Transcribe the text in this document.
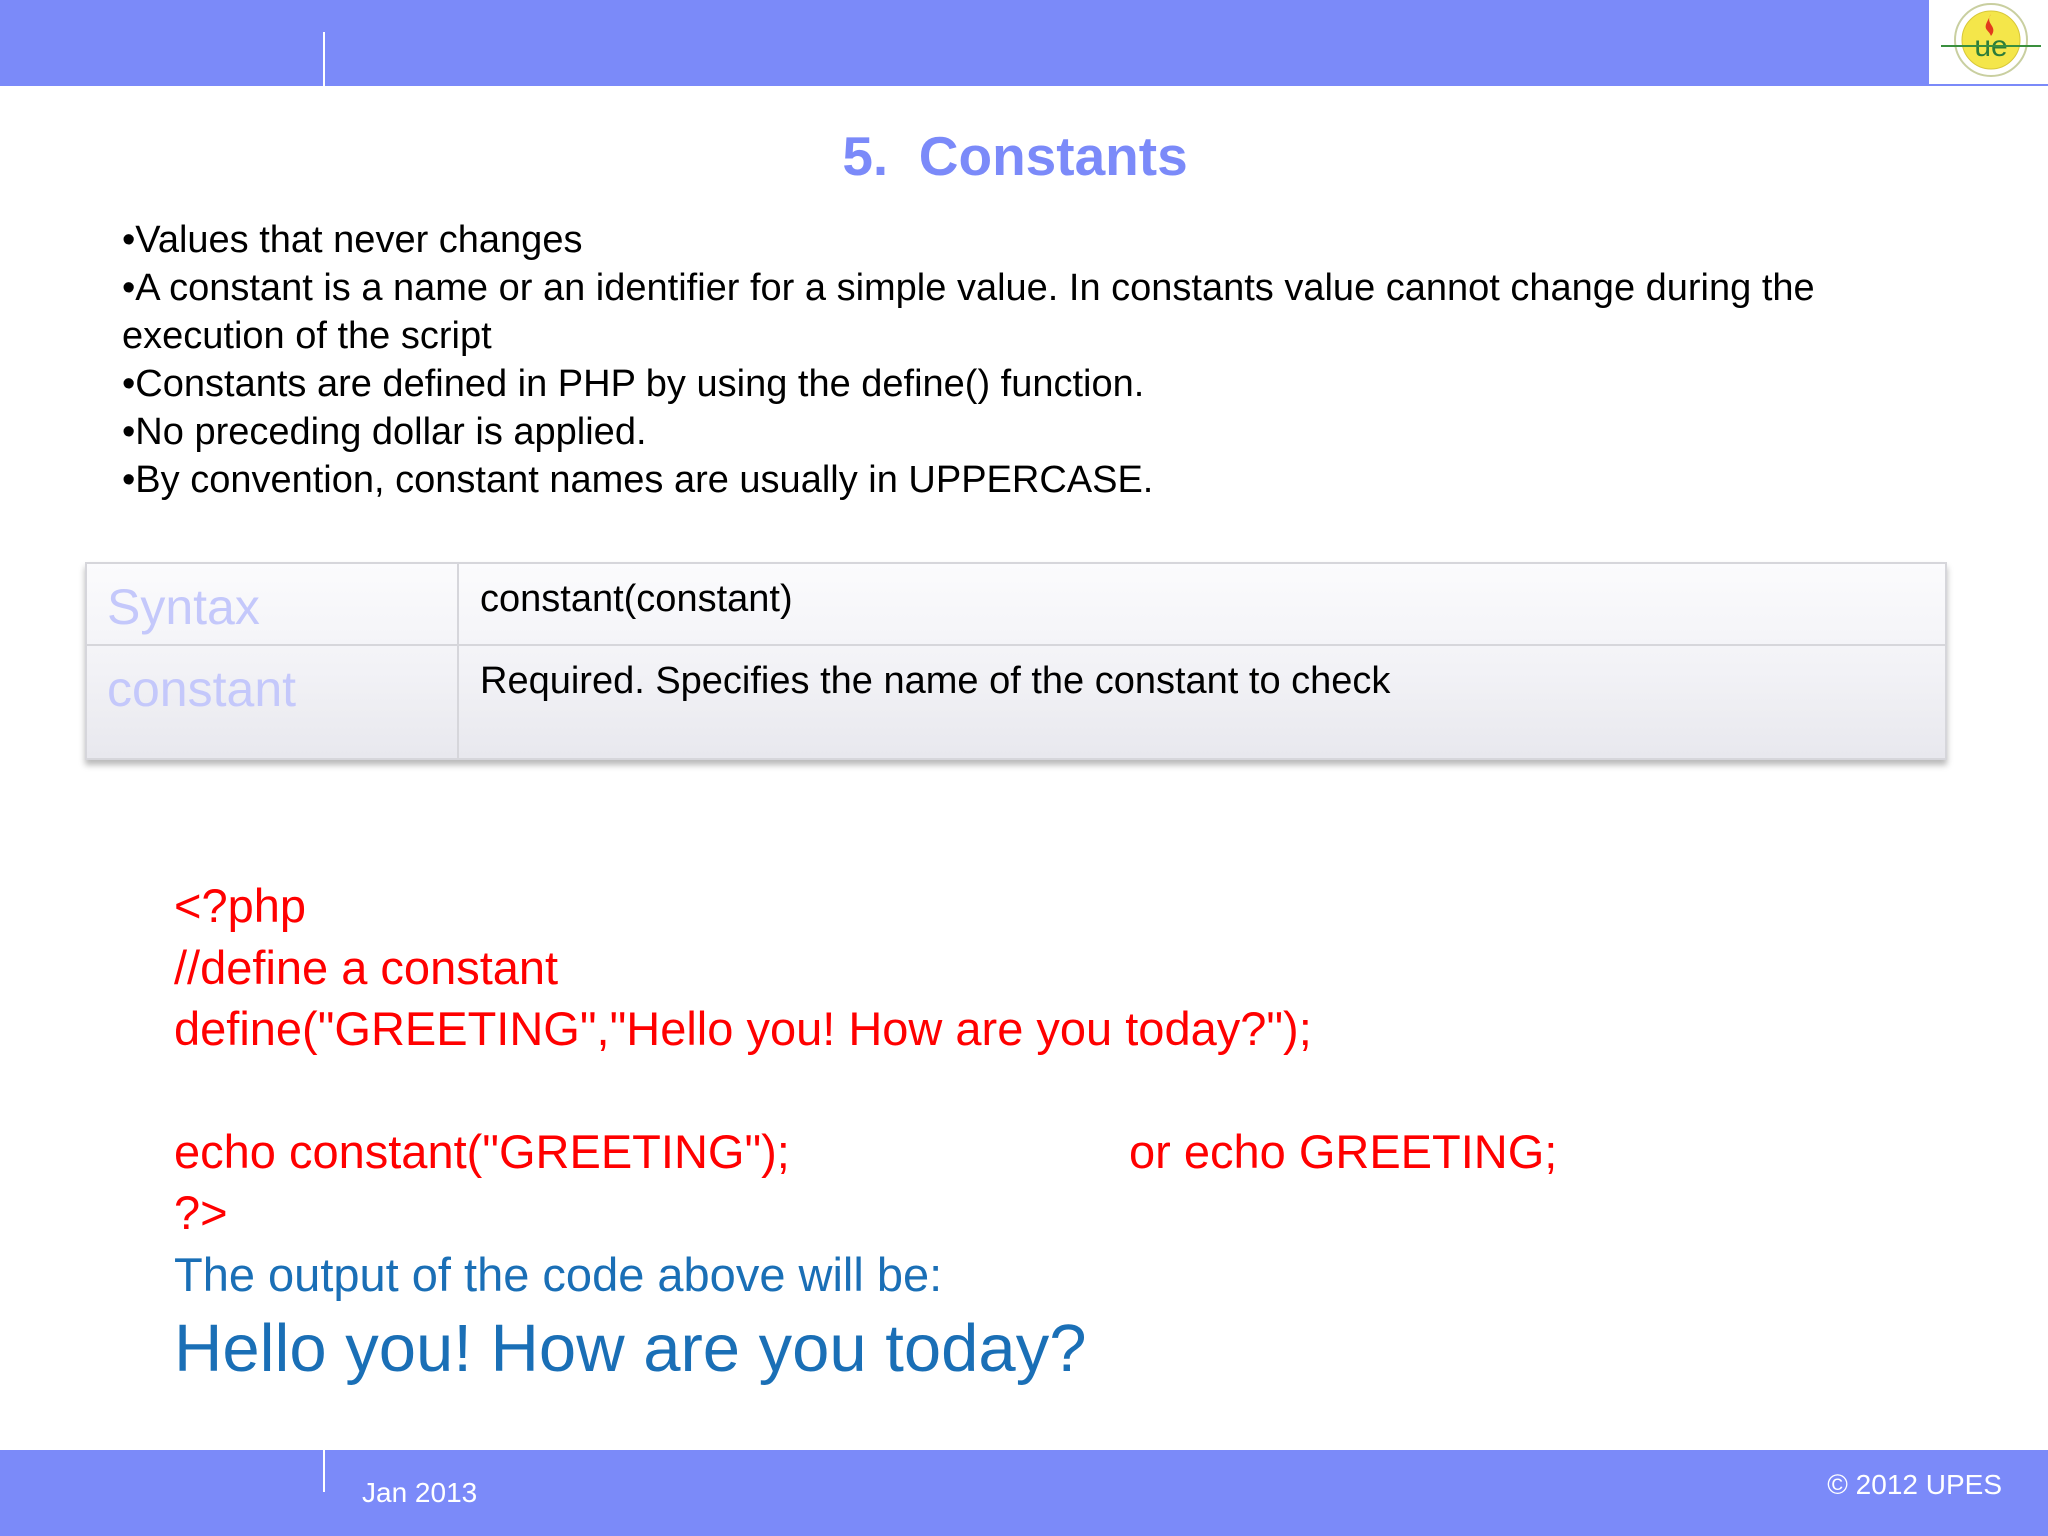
ue
5.  Constants

•Values that never changes

•A constant is a name or an identifier for a simple value. In constants value cannot change during the execution of the script

•Constants are defined in PHP by using the define() function.

•No preceding dollar is applied.

•By convention, constant names are usually in UPPERCASE.

Syntax	constant(constant)
constant	Required. Specifies the name of the constant to check
<?php
//define a constant
define("GREETING","Hello you! How are you today?");
echo constant("GREETING");	or echo GREETING;
?>
The output of the code above will be:
Hello you! How are you today?
Jan 2013	© 2012 UPES
